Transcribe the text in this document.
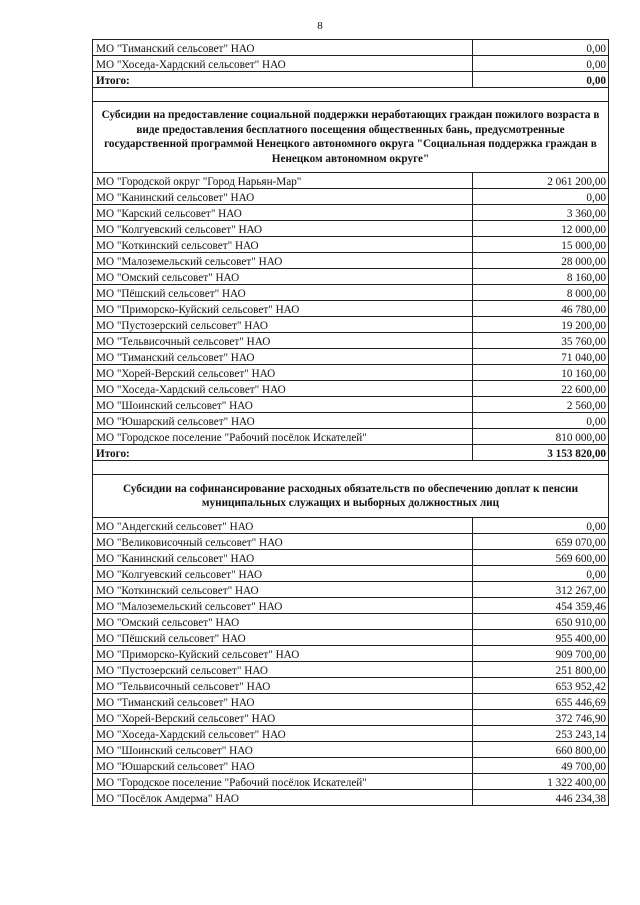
8
МО "Тиманский сельсовет" НАО	0,00
МО "Хоседа-Хардский сельсовет" НАО	0,00
Итого:	0,00

Субсидии на предоставление социальной поддержки неработающих граждан пожилого возраста в виде предоставления бесплатного посещения общественных бань, предусмотренные государственной программой Ненецкого автономного округа "Социальная поддержка граждан в Ненецком автономном округе"	
МО "Городской округ "Город Нарьян-Мар"	2 061 200,00
МО "Канинский сельсовет" НАО	0,00
МО "Карский сельсовет" НАО	3 360,00
МО "Колгуевский сельсовет" НАО	12 000,00
МО "Коткинский сельсовет" НАО	15 000,00
МО "Малоземельский сельсовет" НАО	28 000,00
МО "Омский сельсовет" НАО	8 160,00
МО "Пёшский сельсовет" НАО	8 000,00
МО "Приморско-Куйский сельсовет" НАО	46 780,00
МО "Пустозерский сельсовет" НАО	19 200,00
МО "Тельвисочный сельсовет" НАО	35 760,00
МО "Тиманский сельсовет" НАО	71 040,00
МО "Хорей-Верский сельсовет" НАО	10 160,00
МО "Хоседа-Хардский сельсовет" НАО	22 600,00
МО "Шоинский сельсовет" НАО	2 560,00
МО "Юшарский сельсовет" НАО	0,00
МО "Городское поселение "Рабочий посёлок Искателей"	810 000,00
Итого:	3 153 820,00

Субсидии на софинансирование расходных обязательств по обеспечению доплат к пенсии муниципальных служащих и выборных должностных лиц	
МО "Андегский сельсовет" НАО	0,00
МО "Великовисочный сельсовет" НАО	659 070,00
МО "Канинский сельсовет" НАО	569 600,00
МО "Колгуевский сельсовет" НАО	0,00
МО "Коткинский сельсовет" НАО	312 267,00
МО "Малоземельский сельсовет" НАО	454 359,46
МО "Омский сельсовет" НАО	650 910,00
МО "Пёшский сельсовет" НАО	955 400,00
МО "Приморско-Куйский сельсовет" НАО	909 700,00
МО "Пустозерский сельсовет" НАО	251 800,00
МО "Тельвисочный сельсовет" НАО	653 952,42
МО "Тиманский сельсовет" НАО	655 446,69
МО "Хорей-Верский сельсовет" НАО	372 746,90
МО "Хоседа-Хардский сельсовет" НАО	253 243,14
МО "Шоинский сельсовет" НАО	660 800,00
МО "Юшарский сельсовет" НАО	49 700,00
МО "Городское поселение "Рабочий посёлок Искателей"	1 322 400,00
МО "Посёлок Амдерма" НАО	446 234,38
